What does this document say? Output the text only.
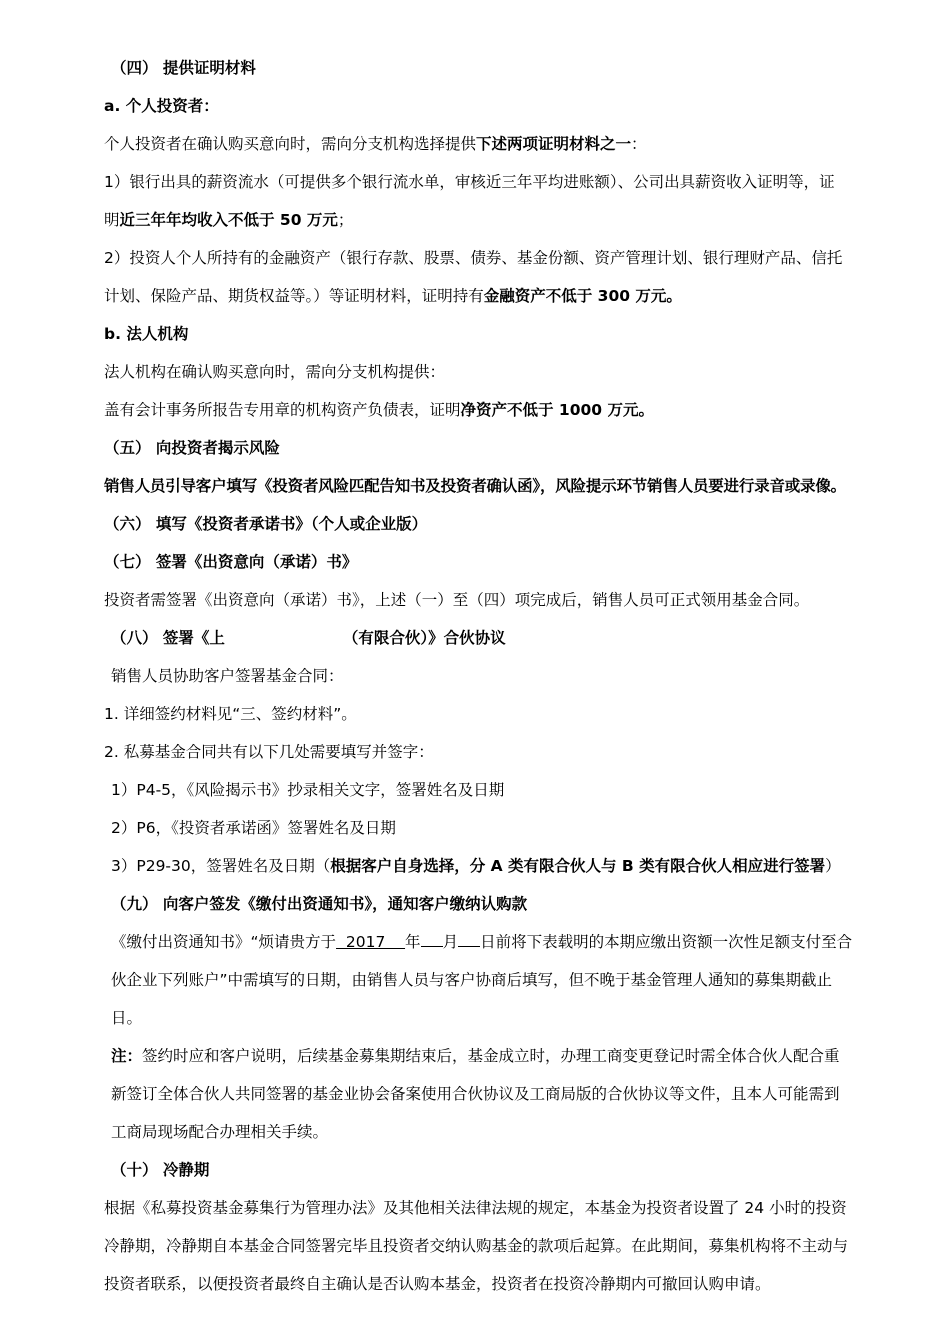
（四） 提供证明材料
a. 个人投资者：
个人投资者在确认购买意向时，需向分支机构选择提供下述两项证明材料之一：
1）银行出具的薪资流水（可提供多个银行流水单，审核近三年平均进账额）、公司出具薪资收入证明等，证
明近三年年均收入不低于 50 万元；
2）投资人个人所持有的金融资产（银行存款、股票、债券、基金份额、资产管理计划、银行理财产品、信托
计划、保险产品、期货权益等。）等证明材料，证明持有金融资产不低于 300 万元。
b. 法人机构
法人机构在确认购买意向时，需向分支机构提供：
盖有会计事务所报告专用章的机构资产负债表，证明净资产不低于 1000 万元。
（五） 向投资者揭示风险
销售人员引导客户填写《投资者风险匹配告知书及投资者确认函》，风险提示环节销售人员要进行录音或录像。
（六） 填写《投资者承诺书》（个人或企业版）
（七） 签署《出资意向（承诺）书》
投资者需签署《出资意向（承诺）书》，上述（一）至（四）项完成后，销售人员可正式领用基金合同。
（八） 签署《上	（有限合伙）》合伙协议
销售人员协助客户签署基金合同：
1. 详细签约材料见“三、签约材料”。
2. 私募基金合同共有以下几处需要填写并签字：
1）P4-5，《风险揭示书》抄录相关文字，签署姓名及日期
2）P6，《投资者承诺函》签署姓名及日期
3）P29-30，签署姓名及日期（根据客户自身选择，分 A 类有限合伙人与 B 类有限合伙人相应进行签署）
（九） 向客户签发《缴付出资通知书》，通知客户缴纳认购款
《缴付出资通知书》“烦请贵方于  2017    年 月 日前将下表载明的本期应缴出资额一次性足额支付至合
伙企业下列账户”中需填写的日期，由销售人员与客户协商后填写，但不晚于基金管理人通知的募集期截止
日。
注：签约时应和客户说明，后续基金募集期结束后，基金成立时，办理工商变更登记时需全体合伙人配合重
新签订全体合伙人共同签署的基金业协会备案使用合伙协议及工商局版的合伙协议等文件，且本人可能需到
工商局现场配合办理相关手续。
（十） 冷静期
根据《私募投资基金募集行为管理办法》及其他相关法律法规的规定，本基金为投资者设置了 24 小时的投资
冷静期，冷静期自本基金合同签署完毕且投资者交纳认购基金的款项后起算。在此期间，募集机构将不主动与
投资者联系，以便投资者最终自主确认是否认购本基金，投资者在投资冷静期内可撤回认购申请。
